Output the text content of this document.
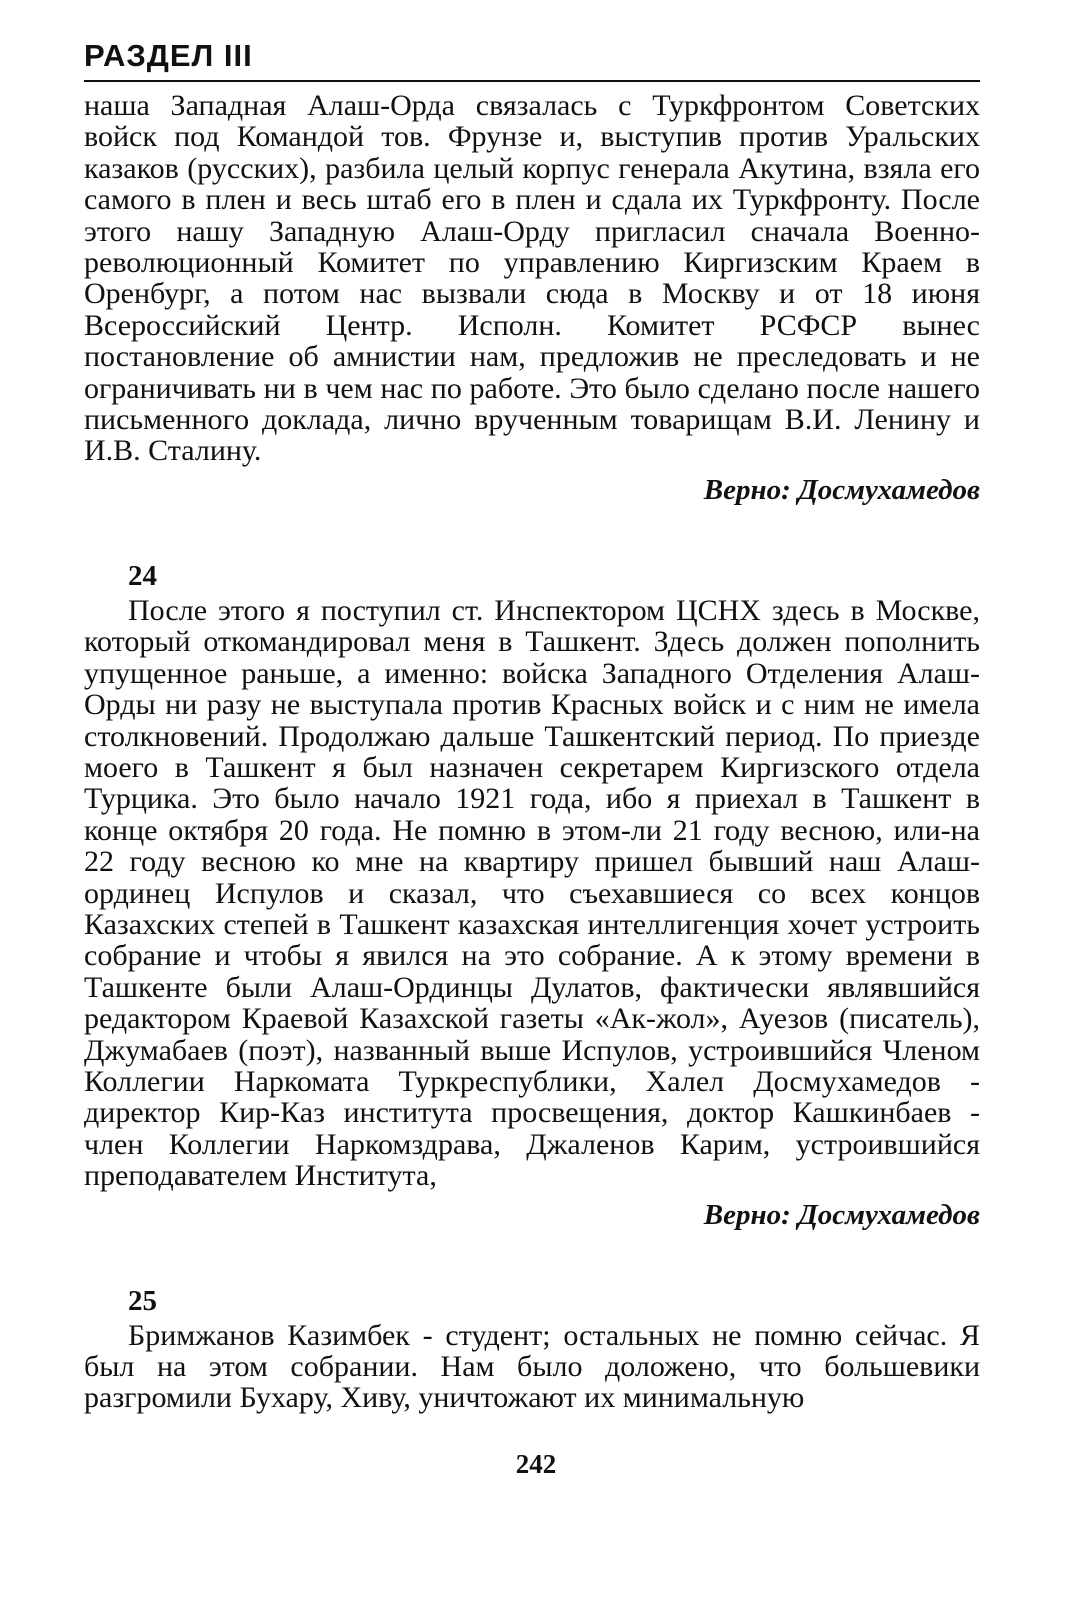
РАЗДЕЛ III

наша Западная Алаш-Орда связалась с Туркфронтом Советских войск под Командой тов. Фрунзе и, выступив против Уральских казаков (русских), разбила целый корпус генерала Акутина, взяла его самого в плен и весь штаб его в плен и сдала их Туркфронту. После этого нашу Западную Алаш-Орду пригласил сначала Военно-революционный Комитет по управлению Киргизским Краем в Оренбург, а потом нас вызвали сюда в Москву и от 18 июня Всероссийский Центр. Исполн. Комитет РСФСР вынес постановление об амнистии нам, предложив не преследовать и не ограничивать ни в чем нас по работе. Это было сделано после нашего письменного доклада, лично врученным товарищам В.И. Ленину и И.В. Сталину.

Верно: Досмухамедов
24

После этого я поступил ст. Инспектором ЦСНХ здесь в Москве, который откомандировал меня в Ташкент. Здесь должен пополнить упущенное раньше, а именно: войска Западного Отделения Алаш-Орды ни разу не выступала против Красных войск и с ним не имела столкновений. Продолжаю дальше Ташкентский период. По приезде моего в Ташкент я был назначен секретарем Киргизского отдела Турцика. Это было начало 1921 года, ибо я приехал в Ташкент в конце октября 20 года. Не помню в этом-ли 21 году весною, или-на 22 году весною ко мне на квартиру пришел бывший наш Алаш-ординец Испулов и сказал, что съехавшиеся со всех концов Казахских степей в Ташкент казахская интеллигенция хочет устроить собрание и чтобы я явился на это собрание. А к этому времени в Ташкенте были Алаш-Ординцы Дулатов, фактически являвшийся редактором Краевой Казахской газеты «Ак-жол», Ауезов (писатель), Джумабаев (поэт), названный выше Испулов, устроившийся Членом Коллегии Наркомата Туркреспублики, Халел Досмухамедов - директор Кир-Каз института просвещения, доктор Кашкинбаев - член Коллегии Наркомздрава, Джаленов Карим, устроившийся преподавателем Института,

Верно: Досмухамедов
25

Бримжанов Казимбек - студент; остальных не помню сейчас. Я был на этом собрании. Нам было доложено, что большевики разгромили Бухару, Хиву, уничтожают их минимальную

242
